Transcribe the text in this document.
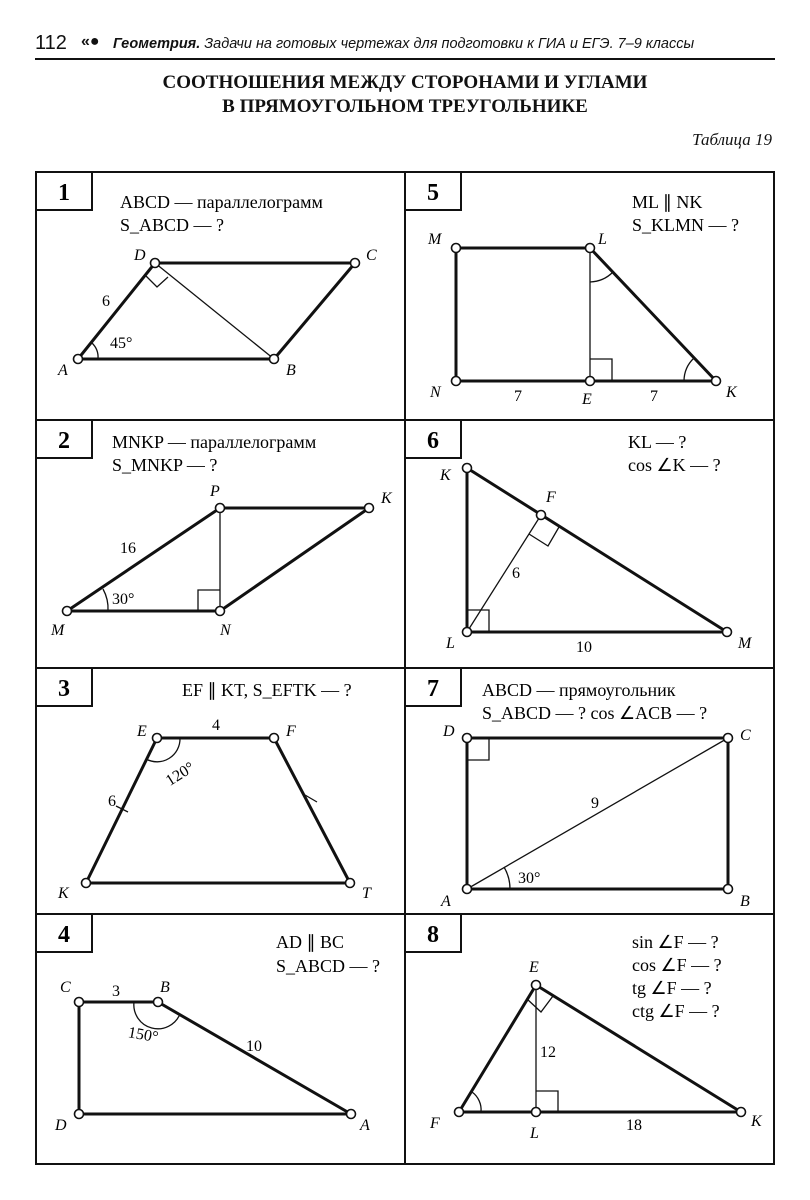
112 «● Геометрия. Задачи на готовых чертежах для подготовки к ГИА и ЕГЭ. 7–9 классы
СООТНОШЕНИЯ МЕЖДУ СТОРОНАМИ И УГЛАМИ
В ПРЯМОУГОЛЬНОМ ТРЕУГОЛЬНИКЕ
Таблица 19
1	5
2	6
3	7
4	8
ABCD — параллелограмм
S_ABCD — ?
A	B
C
D
6
45°
ML ∥ NK
S_KLMN — ?
M	L
N	E	K
7	7
MNKP — параллелограмм
S_MNKP — ?
M	N
K
P
16
30°
KL — ?
cos ∠K — ?
K
F
L	M
6
10
EF ∥ KT, S_EFTK — ?
E	F
K	T
4
6
120°
ABCD — прямоугольник
S_ABCD — ? cos ∠ACB — ?
D	C
B
A
9
30°
AD ∥ BC
S_ABCD — ?
C	B
D	A
3
10
150°
sin ∠F — ?
cos ∠F — ?
tg ∠F — ?
ctg ∠F — ?
E
F
L
K
12
18
